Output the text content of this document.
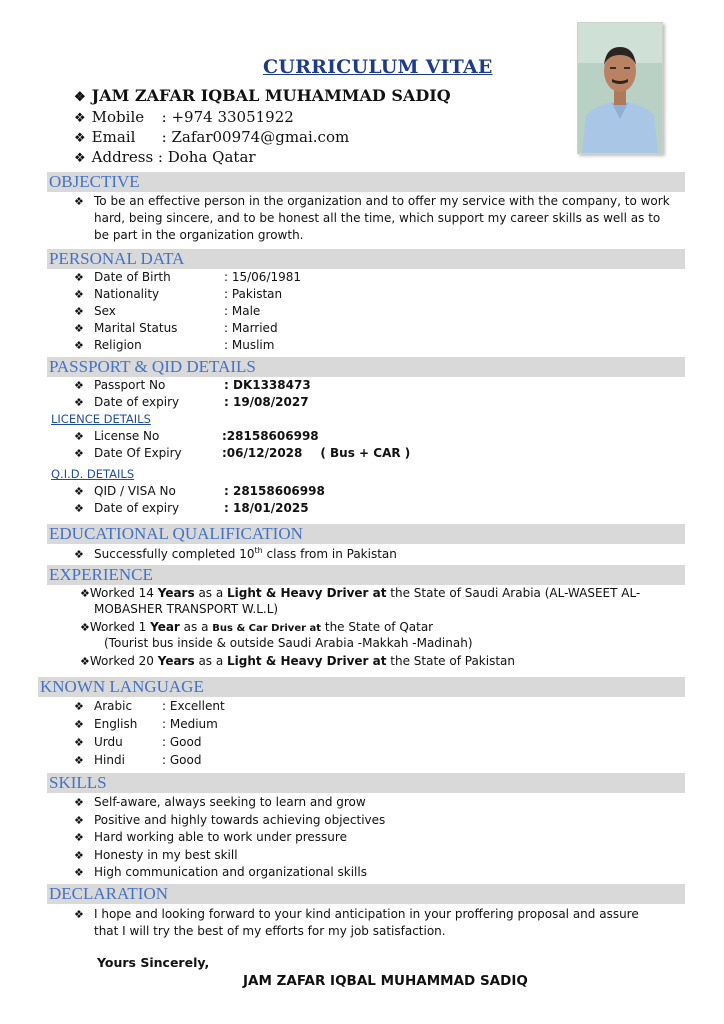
CURRICULUM VITAE
❖ JAM ZAFAR IQBAL MUHAMMAD SADIQ
❖ Mobile : +974 33051922
❖ Email : Zafar00974@gmai.com
❖ Address : Doha Qatar
OBJECTIVE
❖ To be an effective person in the organization and to offer my service with the company, to work
hard, being sincere, and to be honest all the time, which support my career skills as well as to
be part in the organization growth.
PERSONAL DATA
❖ Date of Birth	: 15/06/1981
❖ Nationality	: Pakistan
❖ Sex	: Male
❖ Marital Status	: Married
❖ Religion	: Muslim
PASSPORT & QID DETAILS
❖ Passport No	: DK1338473
❖ Date of expiry	: 19/08/2027
LICENCE DETAILS
❖ License No	:28158606998
❖ Date Of Expiry	:06/12/2028 ( Bus + CAR )
Q.I.D. DETAILS
❖ QID / VISA No	: 28158606998
❖ Date of expiry	: 18/01/2025
EDUCATIONAL QUALIFICATION
❖ Successfully completed 10th class from in Pakistan
EXPERIENCE
❖Worked 14 Years as a Light & Heavy Driver at the State of Saudi Arabia (AL-WASEET AL-
MOBASHER TRANSPORT W.L.L)
❖Worked 1 Year as a Bus & Car Driver at the State of Qatar
(Tourist bus inside & outside Saudi Arabia -Makkah -Madinah)
❖Worked 20 Years as a Light & Heavy Driver at the State of Pakistan
KNOWN LANGUAGE
❖ Arabic : Excellent
❖ English : Medium
❖ Urdu	: Good
❖ Hindi	: Good
SKILLS
❖ Self-aware, always seeking to learn and grow
❖ Positive and highly towards achieving objectives
❖ Hard working able to work under pressure
❖ Honesty in my best skill
❖ High communication and organizational skills
DECLARATION
❖ I hope and looking forward to your kind anticipation in your proffering proposal and assure
that I will try the best of my efforts for my job satisfaction.
Yours Sincerely,
JAM ZAFAR IQBAL MUHAMMAD SADIQ
